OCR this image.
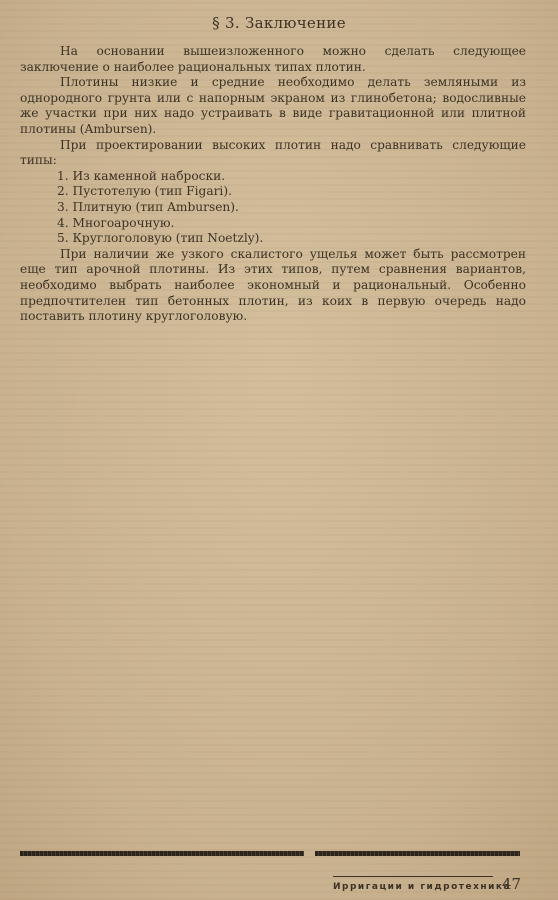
§ 3. Заключение

На основании вышеизложенного можно сделать следующее заключение о наиболее рациональных типах плотин.

Плотины низкие и средние необходимо делать земляными из однородного грунта или с напорным экраном из глинобетона; водосливные же участки при них надо устраивать в виде гравитационной или плитной плотины (Ambursen).

При проектировании высоких плотин надо сравнивать следующие типы:

1. Из каменной наброски.
2. Пустотелую (тип Figari).
3. Плитную (тип Ambursen).
4. Многоарочную.
5. Круглоголовую (тип Noetzly).

При наличии же узкого скалистого ущелья может быть рассмотрен еще тип арочной плотины. Из этих типов, путем сравнения вариантов, необходимо выбрать наиболее экономный и рациональный. Особенно предпочтителен тип бетонных плотин, из коих в первую очередь надо поставить плотину круглоголовую.

Ирригации и гидротехника
47
